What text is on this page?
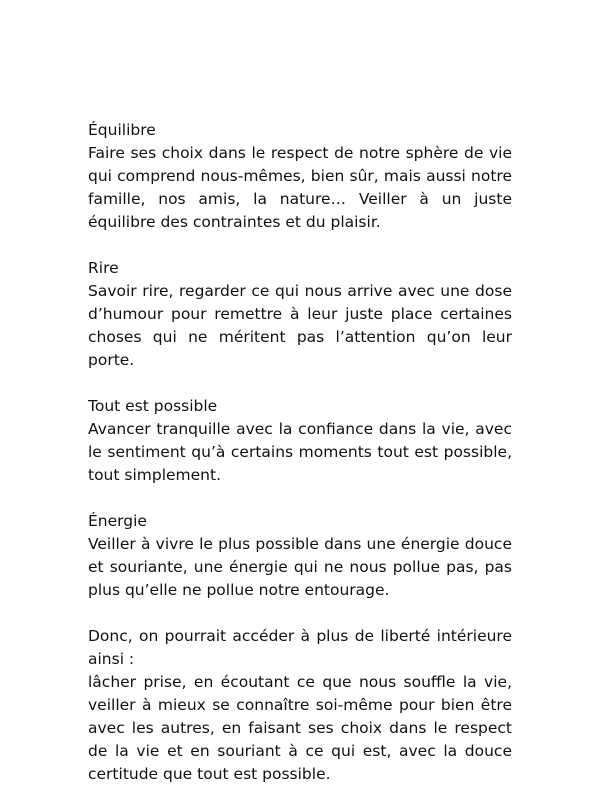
Équilibre
Faire ses choix dans le respect de notre sphère de vie qui comprend nous-mêmes, bien sûr, mais aussi notre famille, nos amis, la nature… Veiller à un juste équilibre des contraintes et du plaisir.
Rire
Savoir rire, regarder ce qui nous arrive avec une dose d’humour pour remettre à leur juste place certaines choses qui ne méritent pas l’attention qu’on leur porte.
Tout est possible
Avancer tranquille avec la confiance dans la vie, avec le sentiment qu’à certains moments tout est possible, tout simplement.
Énergie
Veiller à vivre le plus possible dans une énergie douce et souriante, une énergie qui ne nous pollue pas, pas plus qu’elle ne pollue notre entourage.

Donc, on pourrait accéder à plus de liberté intérieure ainsi :

lâcher prise, en écoutant ce que nous souffle la vie, veiller à mieux se connaître soi-même pour bien être avec les autres, en faisant ses choix dans le respect de la vie et en souriant à ce qui est, avec la douce certitude que tout est possible.
